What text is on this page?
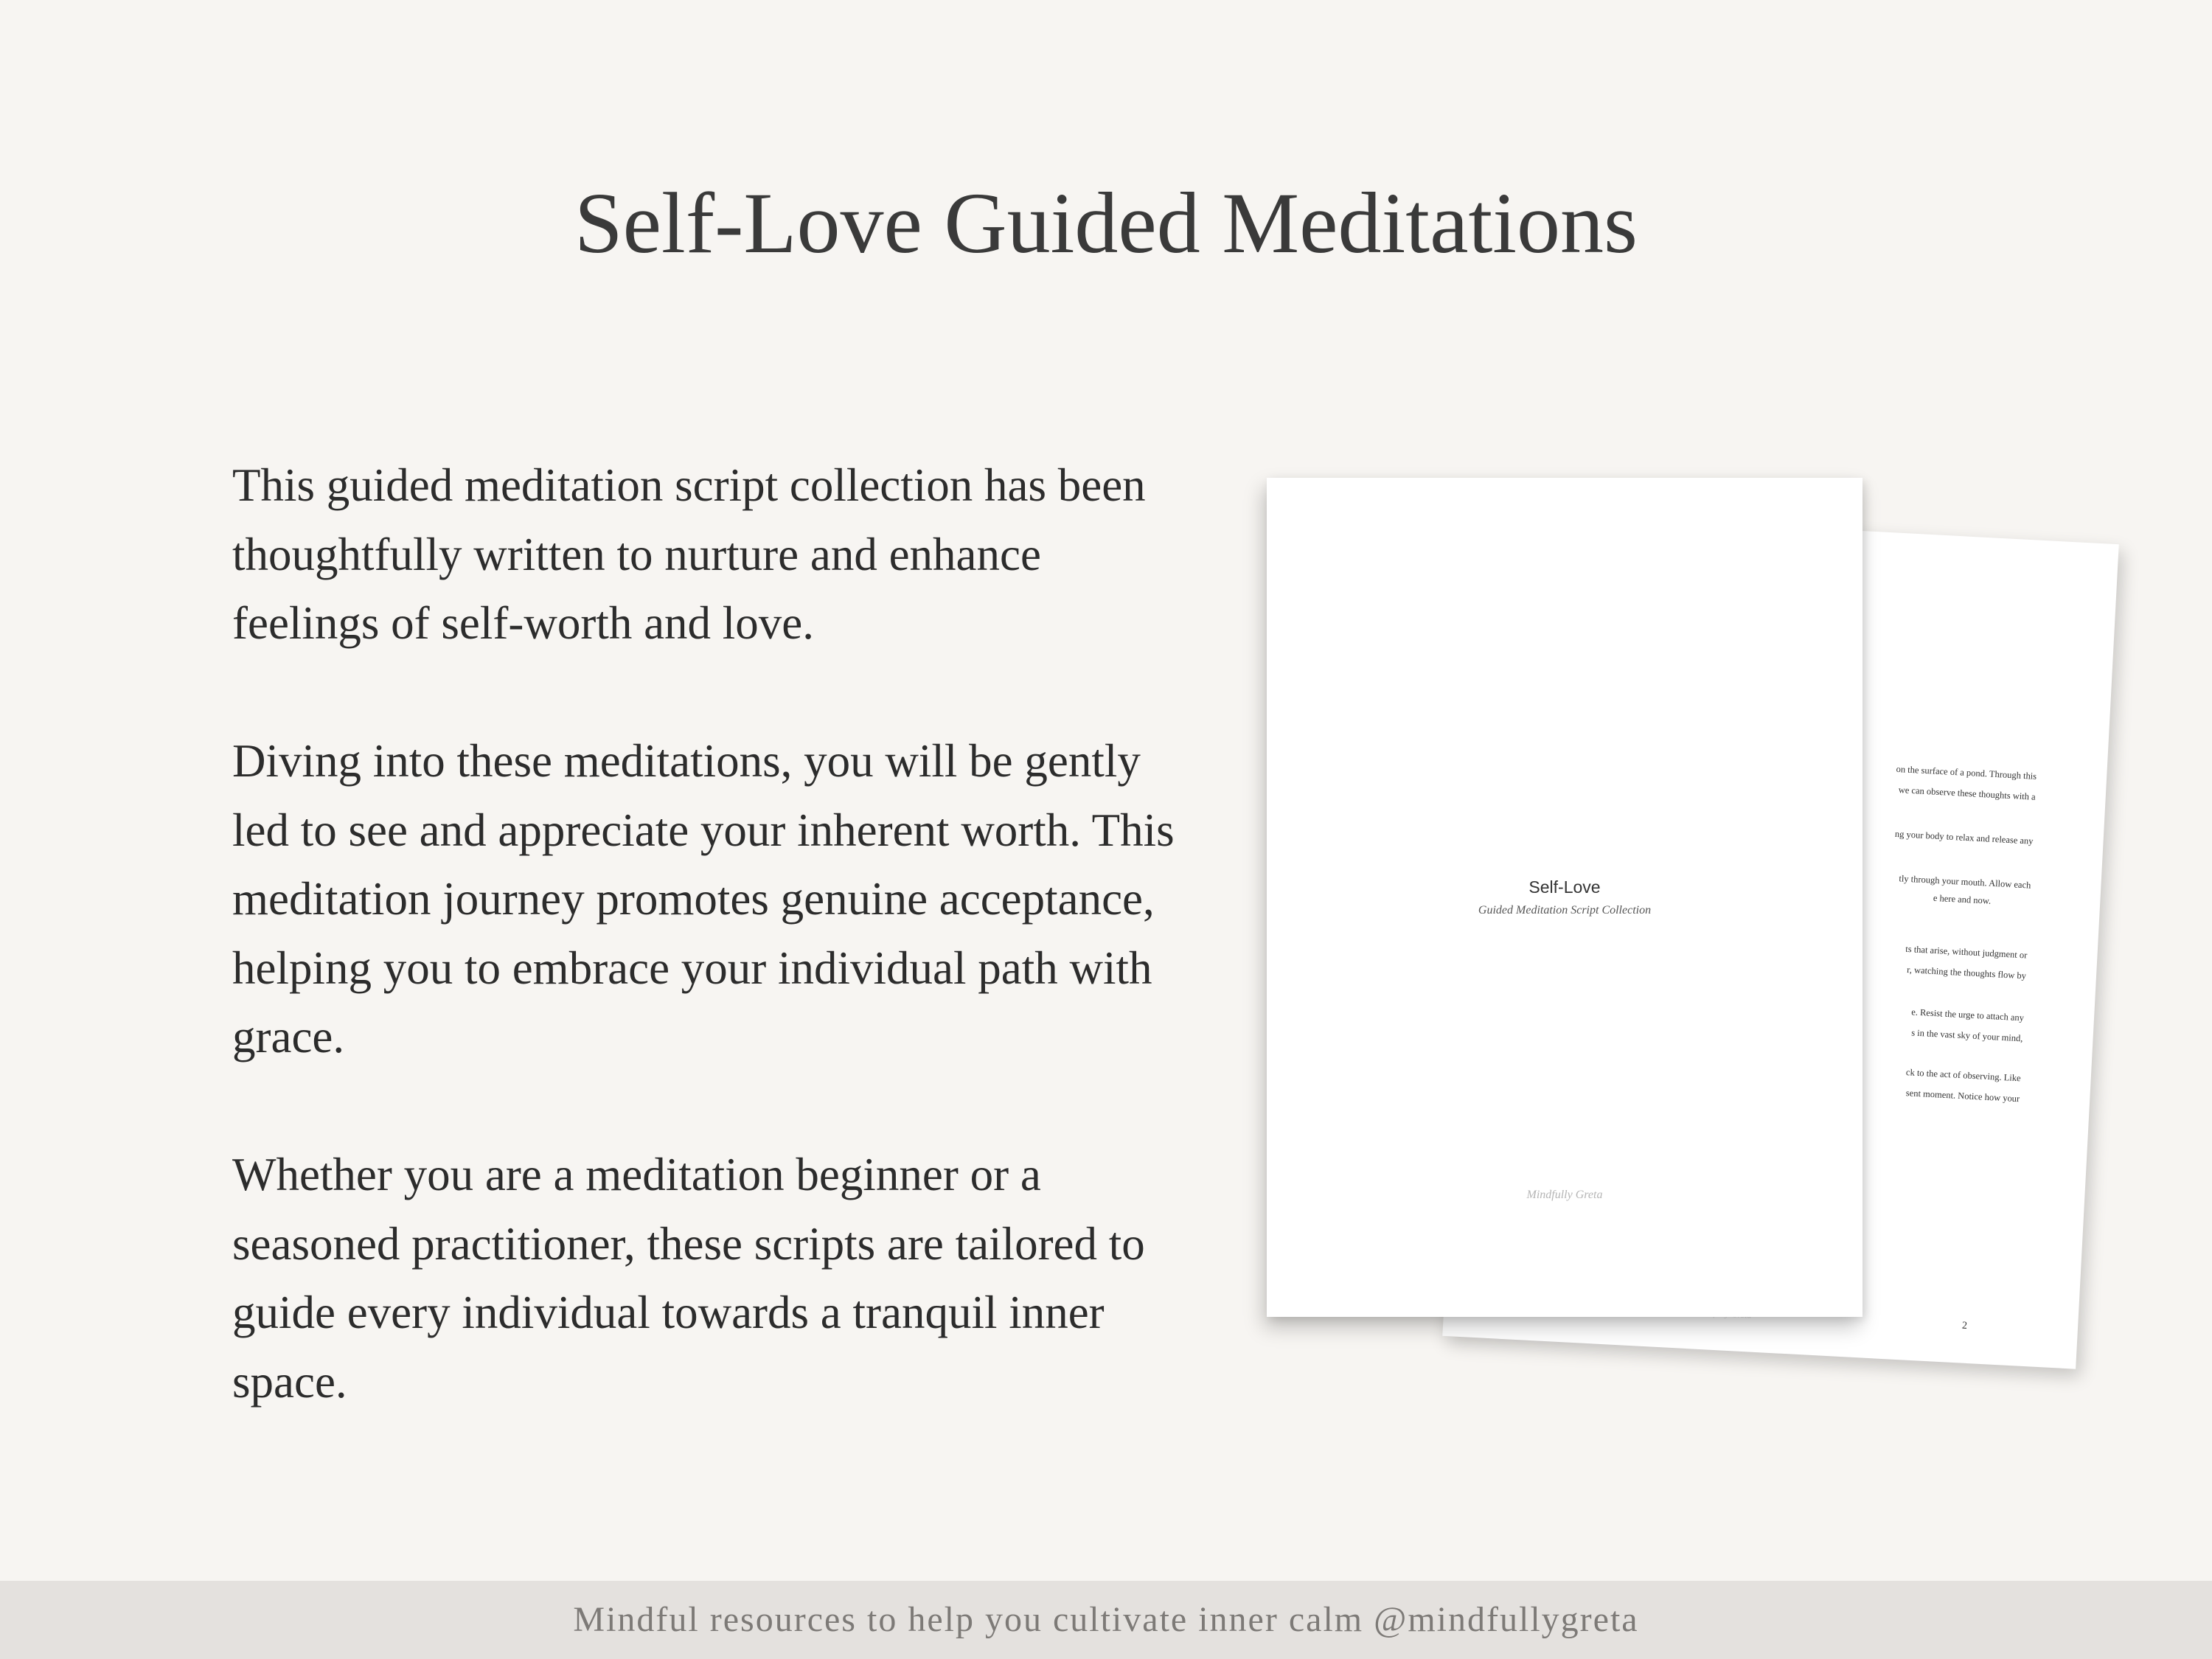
Self-Love Guided Meditations

This guided meditation script collection has been thoughtfully written to nurture and enhance feelings of self-worth and love.

Diving into these meditations, you will be gently led to see and appreciate your inherent worth. This meditation journey promotes genuine acceptance, helping you to embrace your individual path with grace.

Whether you are a meditation beginner or a seasoned practitioner, these scripts are tailored to guide every individual towards a tranquil inner space.

on the surface of a pond. Through this
we can observe these thoughts with a
ng your body to relax and release any
tly through your mouth. Allow each
e here and now.
ts that arise, without judgment or
r, watching the thoughts flow by
e. Resist the urge to attach any
s in the vast sky of your mind,
ck to the act of observing. Like
sent moment. Notice how your
2
Self-Love
Guided Meditation Script Collection
Mindfully Greta
Mindful resources to help you cultivate inner calm @mindfullygreta
